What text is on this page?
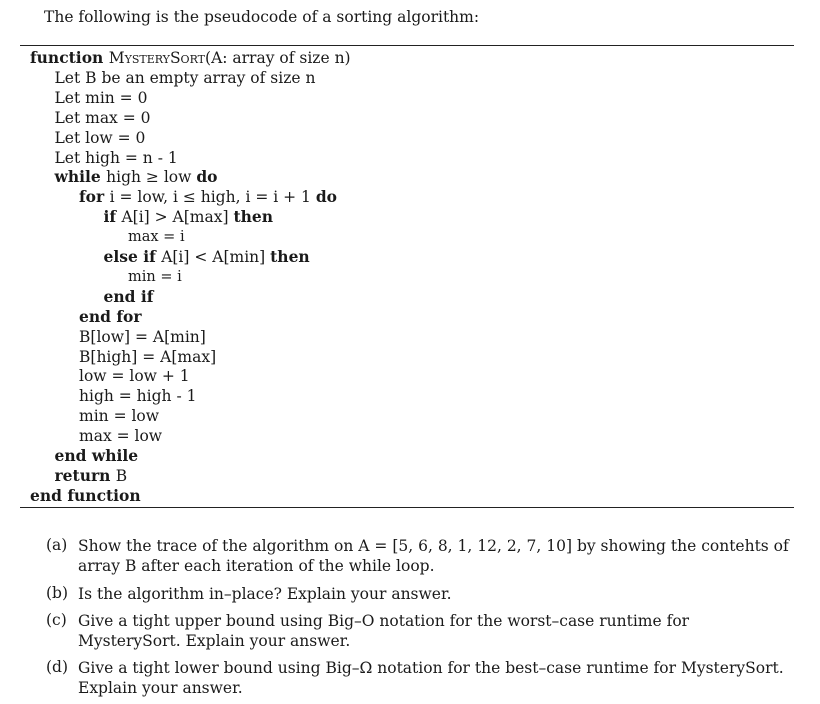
The following is the pseudocode of a sorting algorithm:
function MysterySort(A: array of size n)
Let B be an empty array of size n
Let min = 0
Let max = 0
Let low = 0
Let high = n - 1
while high ≥ low do
for i = low, i ≤ high, i = i + 1 do
if A[i] > A[max] then
max = i
else if A[i] < A[min] then
min = i
end if
end for
B[low] = A[min]
B[high] = A[max]
low = low + 1
high = high - 1
min = low
max = low
end while
return B
end function
(a) Show the trace of the algorithm on A = [5, 6, 8, 1, 12, 2, 7, 10] by showing the contehts of array B after each iteration of the while loop.
(b) Is the algorithm in–place? Explain your answer.
(c) Give a tight upper bound using Big–O notation for the worst–case runtime for MysterySort. Explain your answer.
(d) Give a tight lower bound using Big–Ω notation for the best–case runtime for MysterySort. Explain your answer.
